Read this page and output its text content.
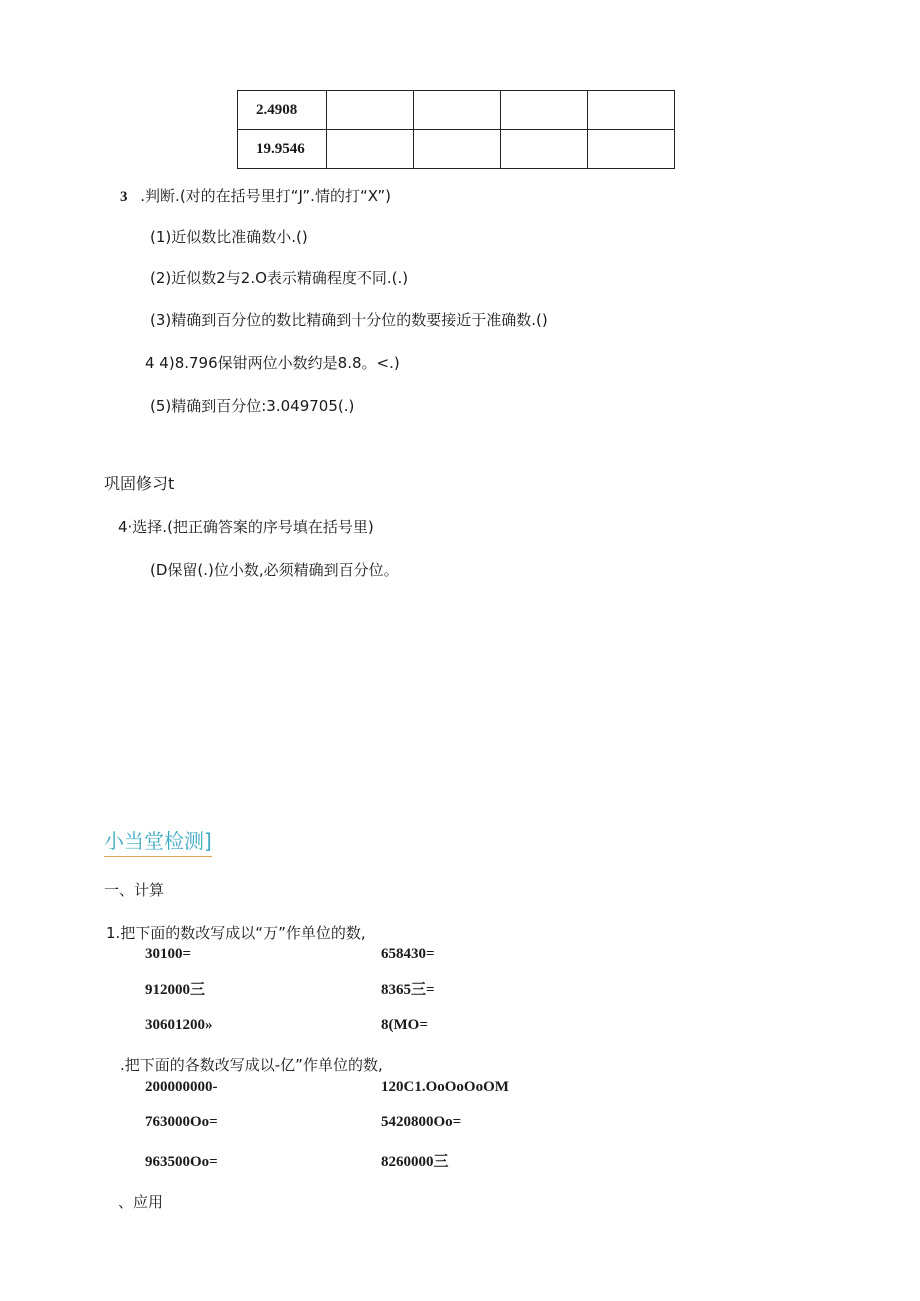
2.4908				
19.9546				
3 .判断.(对的在括号里打“J”.情的打“X”)
(1)近似数比准确数小.()
(2)近似数2与2.O表示精确程度不同.(.)
(3)精确到百分位的数比精确到十分位的数要接近于准确数.()
4 4)8.796保钳两位小数约是8.8。<.)
(5)精确到百分位:3.049705(.)
巩固修习t
4·选择.(把正确答案的序号填在括号里)
(D保留(.)位小数,必须精确到百分位。
小当堂检测]
一、计算
1.把下面的数改写成以“万”作单位的数,
30100=	658430=
912000三	8365三=
30601200»	8(MO=
.把下面的各数改写成以-亿”作单位的数,
200000000-	120C1.OoOoOoOM
763000Oo=	5420800Oo=
963500Oo=	8260000三
、应用
